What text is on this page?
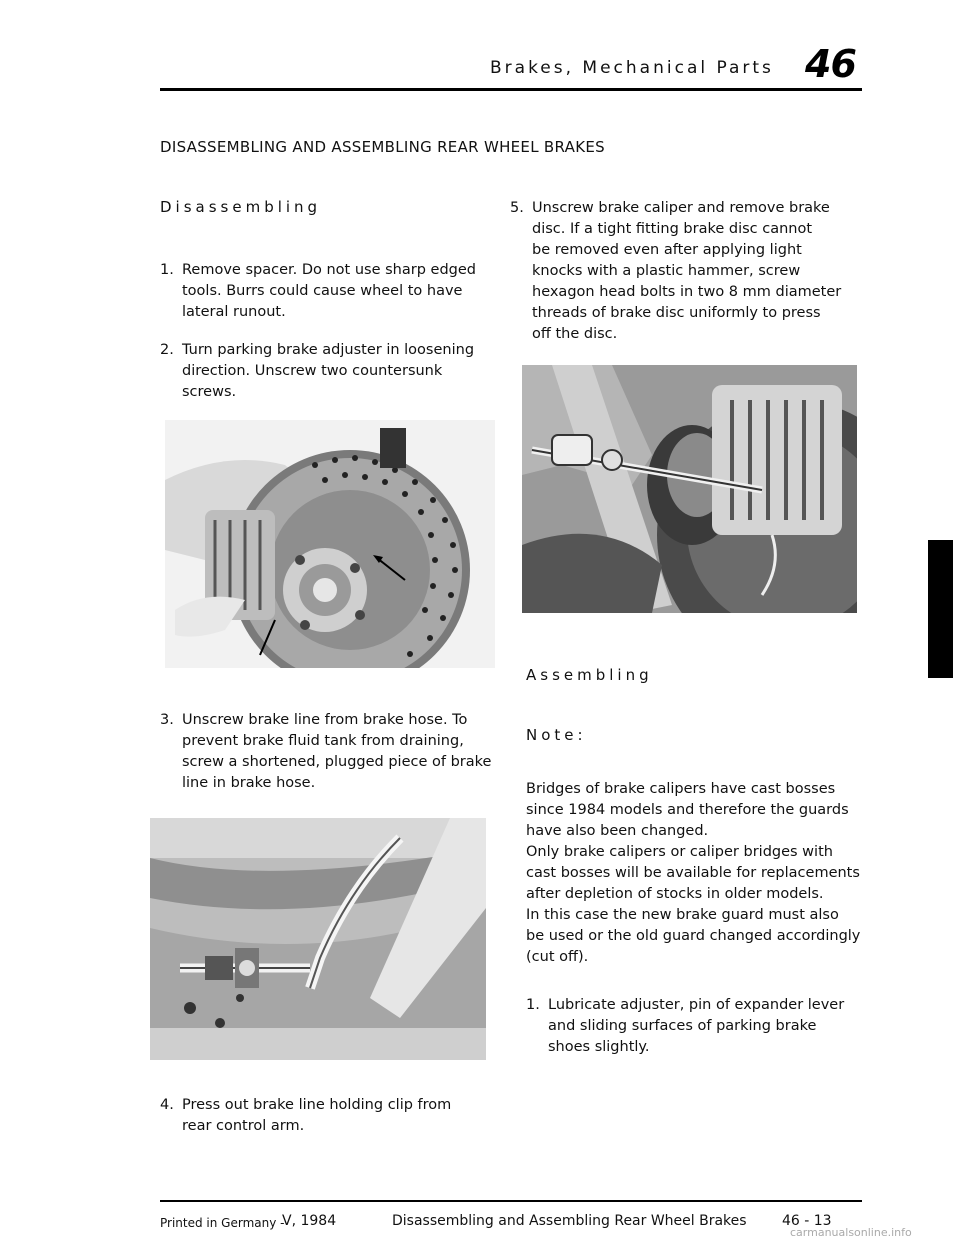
Brakes, Mechanical Parts 46
DISASSEMBLING AND ASSEMBLING REAR WHEEL BRAKES
Disassembling
1. Remove spacer. Do not use sharp edged
tools. Burrs could cause wheel to have
lateral runout.
2. Turn parking brake adjuster in loosening
direction. Unscrew two countersunk
screws.
3. Unscrew brake line from brake hose. To
prevent brake fluid tank from draining,
screw a shortened, plugged piece of brake
line in brake hose.
4. Press out brake line holding clip from
rear control arm.
5. Unscrew brake caliper and remove brake
disc. If a tight fitting brake disc cannot
be removed even after applying light
knocks with a plastic hammer, screw
hexagon head bolts in two 8 mm diameter
threads of brake disc uniformly to press
off the disc.
Assembling
Note:
Bridges of brake calipers have cast bosses
since 1984 models and therefore the guards
have also been changed.
Only brake calipers or caliper bridges with
cast bosses will be available for replacements
after depletion of stocks in older models.
In this case the new brake guard must also
be used or the old guard changed accordingly
(cut off).
1. Lubricate adjuster, pin of expander lever
and sliding surfaces of parking brake
shoes slightly.
Printed in Germany -
V, 1984	Disassembling and Assembling Rear Wheel Brakes	46 - 13
carmanualsonline.info
